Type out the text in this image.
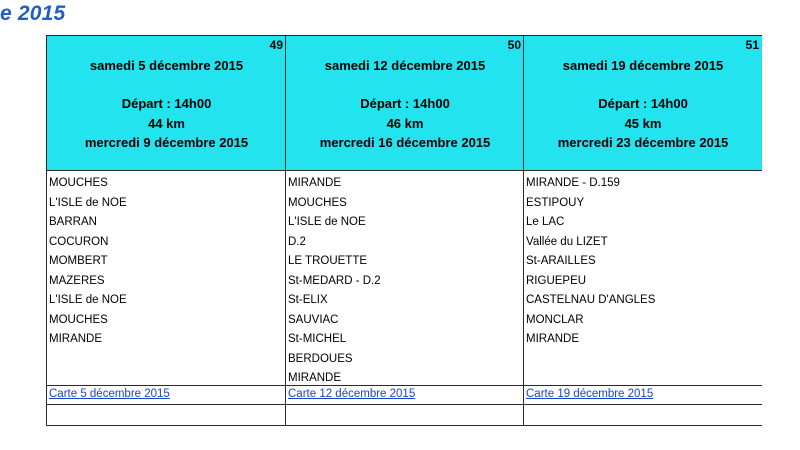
e 2015
49
samedi 5 décembre 2015
Départ : 14h00
44 km
mercredi 9 décembre 2015
MOUCHES
L'ISLE de NOE
BARRAN
COCURON
MOMBERT
MAZERES
L'ISLE de NOE
MOUCHES
MIRANDE
Carte 5 décembre 2015
50
samedi 12 décembre 2015
Départ : 14h00
46 km
mercredi 16 décembre 2015
MIRANDE
MOUCHES
L'ISLE de NOE
D.2
LE TROUETTE
St-MEDARD - D.2
St-ELIX
SAUVIAC
St-MICHEL
BERDOUES
MIRANDE
Carte 12 décembre 2015
51
samedi 19 décembre 2015
Départ : 14h00
45 km
mercredi 23 décembre 2015
MIRANDE - D.159
ESTIPOUY
Le LAC
Vallée du LIZET
St-ARAILLES
RIGUEPEU
CASTELNAU D'ANGLES
MONCLAR
MIRANDE
Carte 19 décembre 2015
